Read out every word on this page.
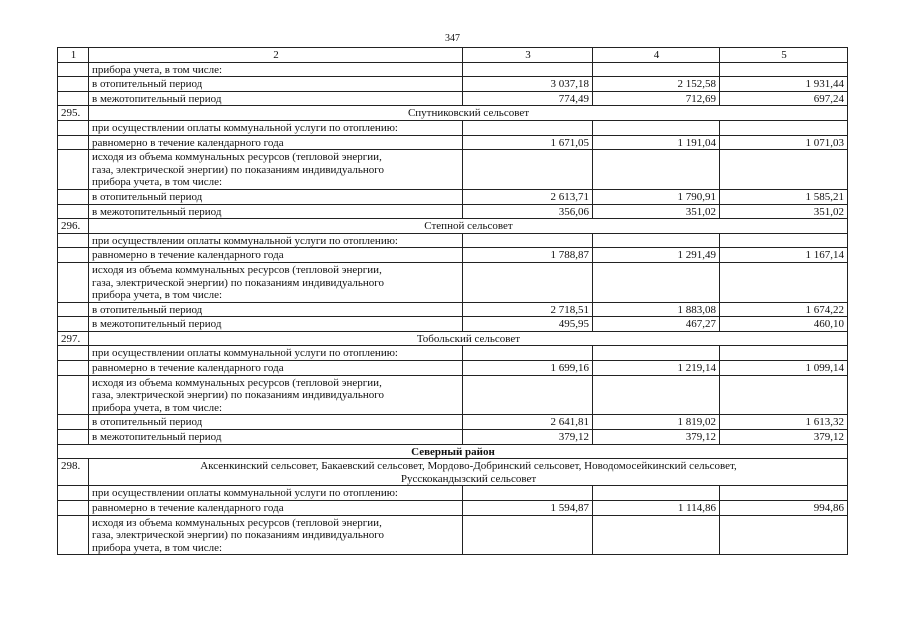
347
1	2	3	4	5
	прибора учета, в том числе:			
	в отопительный период	3 037,18	2 152,58	1 931,44
	в межотопительный период	774,49	712,69	697,24
295.	Спутниковский сельсовет			
	при осуществлении оплаты коммунальной услуги по отоплению:			
	равномерно в течение календарного года	1 671,05	1 191,04	1 071,03

	исходя из объема коммунальных ресурсов (тепловой энергии,
газа, электрической энергии) по показаниям индивидуального
прибора учета, в том числе:			

	в отопительный период	2 613,71	1 790,91	1 585,21
	в межотопительный период	356,06	351,02	351,02
296.	Степной сельсовет			
	при осуществлении оплаты коммунальной услуги по отоплению:			
	равномерно в течение календарного года	1 788,87	1 291,49	1 167,14

	исходя из объема коммунальных ресурсов (тепловой энергии,
газа, электрической энергии) по показаниям индивидуального
прибора учета, в том числе:			

	в отопительный период	2 718,51	1 883,08	1 674,22
	в межотопительный период	495,95	467,27	460,10
297.	Тобольский сельсовет			
	при осуществлении оплаты коммунальной услуги по отоплению:			
	равномерно в течение календарного года	1 699,16	1 219,14	1 099,14

	исходя из объема коммунальных ресурсов (тепловой энергии,
газа, электрической энергии) по показаниям индивидуального
прибора учета, в том числе:			

	в отопительный период	2 641,81	1 819,02	1 613,32
	в межотопительный период	379,12	379,12	379,12
Северный район				
298.	Аксенкинский сельсовет, Бакаевский сельсовет, Мордово-Добринский сельсовет, Новодомосейкинский сельсовет,
Русскокандызский сельсовет			

	при осуществлении оплаты коммунальной услуги по отоплению:			
	равномерно в течение календарного года	1 594,87	1 114,86	994,86

	исходя из объема коммунальных ресурсов (тепловой энергии,
газа, электрической энергии) по показаниям индивидуального
прибора учета, в том числе:			
